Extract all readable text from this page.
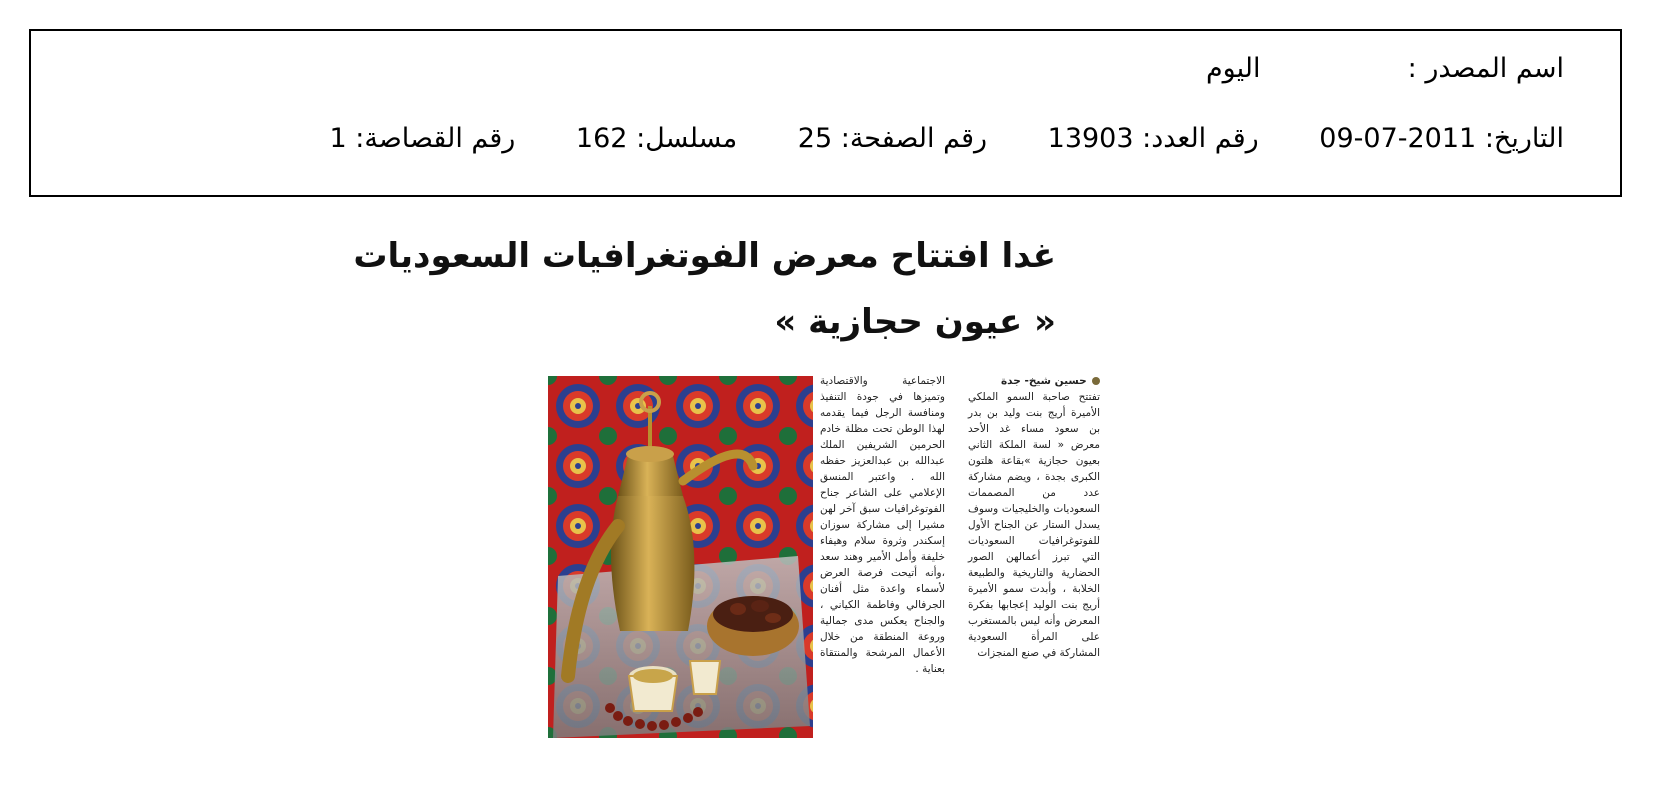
اسم المصدر :  اليوم
التاريخ: 2011-07-09 رقم العدد: 13903 رقم الصفحة: 25 مسلسل: 162 رقم القصاصة: 1
غدا افتتاح معرض الفوتغرافيات السعوديات
« عيون حجازية »
حسين شيخ- جدة
تفتتح صاحبة السمو الملكي الأميرة أريج بنت وليد بن بدر بن سعود مساء غد الأحد معرض « لسة الملكة الثاني بعيون حجازية »بقاعة هلتون الكبرى بجدة ، ويضم مشاركة عدد من المصممات السعوديات والخليجيات وسوف يسدل الستار عن الجناح الأول للفوتوغرافيات السعوديات التي تبرز أعمالهن الصور الحضارية والتاريخية والطبيعة الخلابة ، وأبدت سمو الأميرة أريج بنت الوليد إعجابها بفكرة المعرض وأنه ليس بالمستغرب على المرأة السعودية المشاركة في صنع المنجزات
الاجتماعية والاقتصادية وتميزها في جودة التنفيذ ومنافسة الرجل فيما يقدمه لهذا الوطن تحت مظلة خادم الحرمين الشريفين الملك عبدالله بن عبدالعزيز حفظه الله . واعتبر المنسق الإعلامي على الشاعر جناح الفوتوغرافيات سبق آخر لهن مشيرا إلى مشاركة سوزان إسكندر وثروة سلام وهيفاء خليفة وأمل الأمير وهند سعد ،وأنه أتيحت فرصة العرض لأسماء واعدة مثل أفنان الجرفالي وفاطمة الكياني ، والجناح يعكس مدى جمالية وروعة المنطقة من خلال الأعمال المرشحة والمنتقاة بعناية .
